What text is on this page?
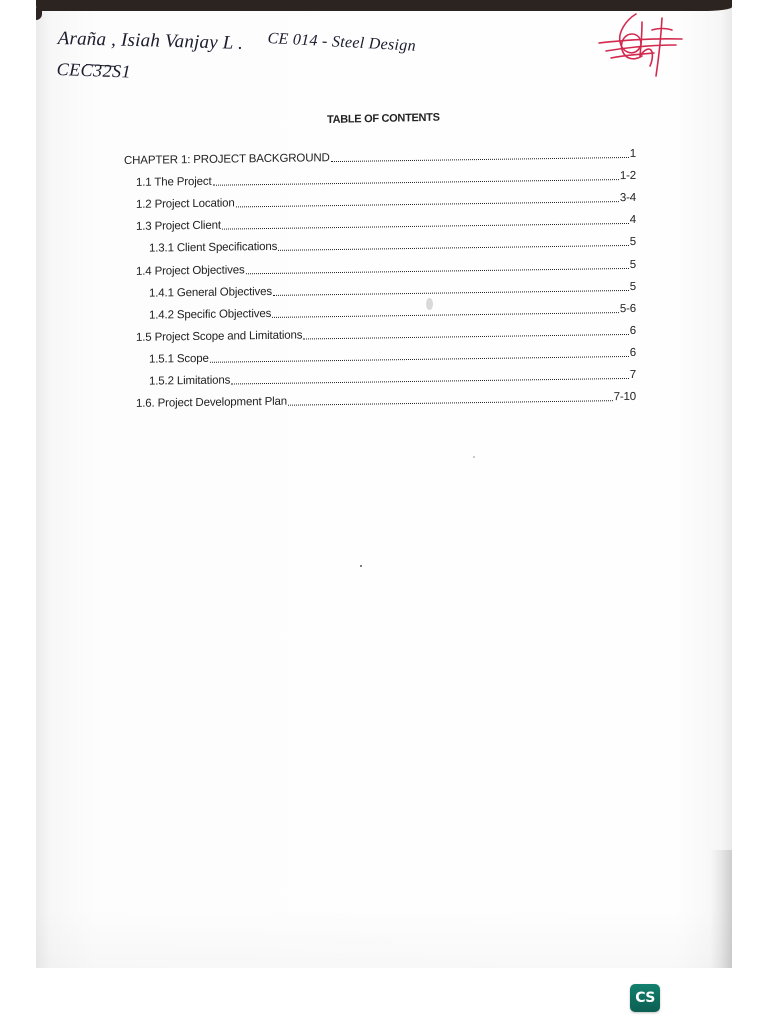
Araña , Isiah Vanjay L . CE 014 - Steel Design
CEC32S1
TABLE OF CONTENTS
CHAPTER 1: PROJECT BACKGROUND	1
1.1 The Project	1-2
1.2 Project Location	3-4
1.3 Project Client	4
1.3.1 Client Specifications	5
1.4 Project Objectives	5
1.4.1 General Objectives	5
1.4.2 Specific Objectives	5-6
1.5 Project Scope and Limitations	6
1.5.1 Scope	6
1.5.2 Limitations	7
1.6. Project Development Plan	7-10
CS
